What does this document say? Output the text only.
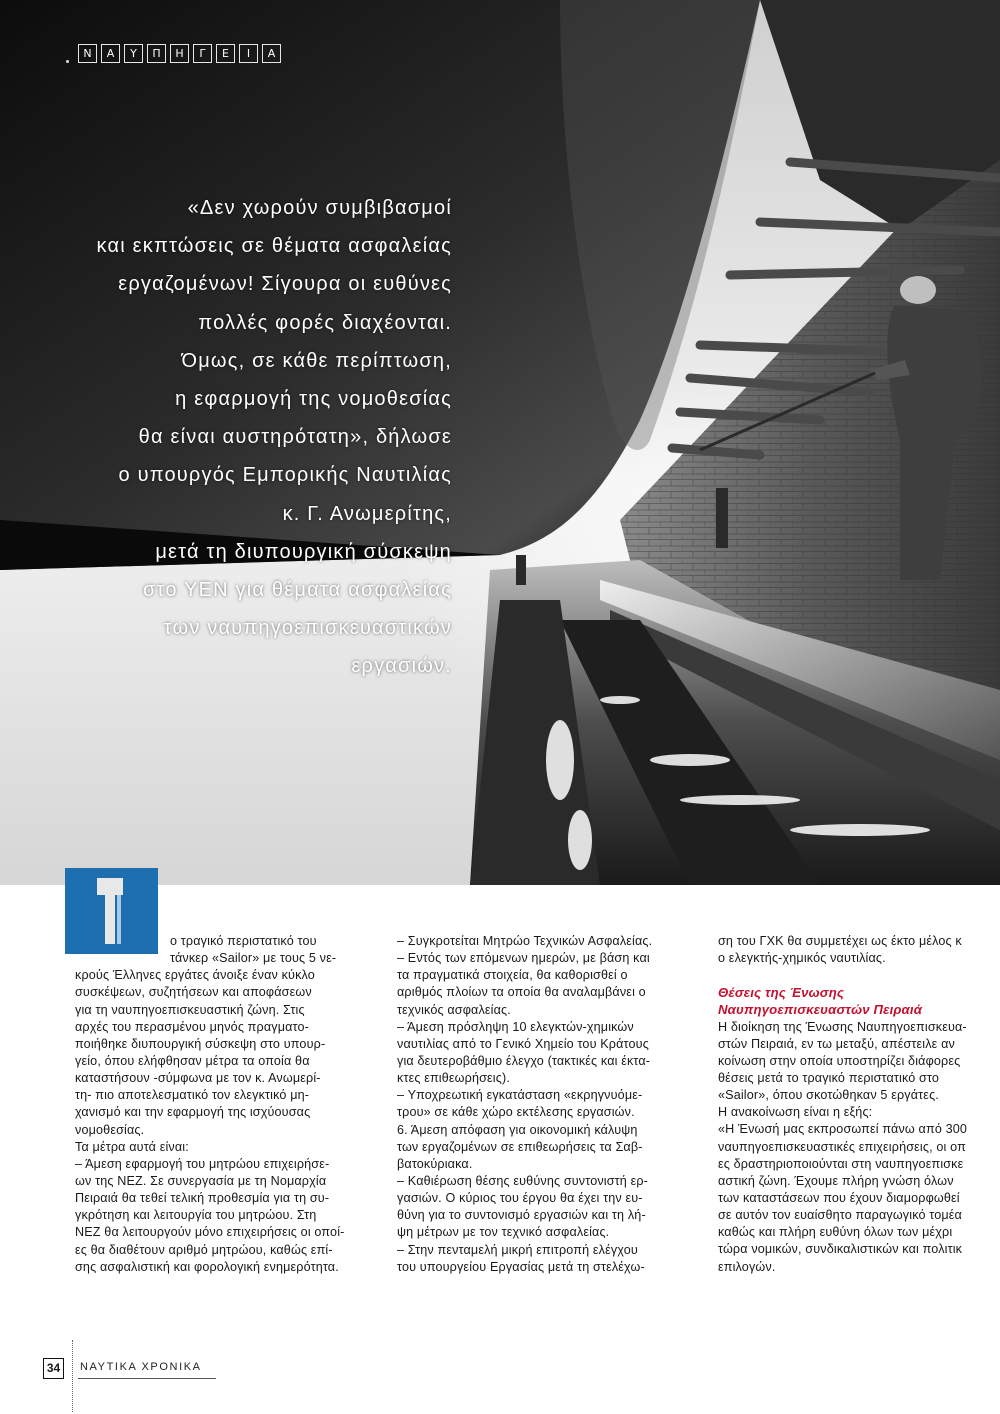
Ν	Α	Υ	Π	Η	Γ	Ε	Ι	Α
«Δεν χωρούν συμβιβασμοί
και εκπτώσεις σε θέματα ασφαλείας
εργαζομένων! Σίγουρα οι ευθύνες
πολλές φορές διαχέονται.
Όμως, σε κάθε περίπτωση,
η εφαρμογή της νομοθεσίας
θα είναι αυστηρότατη», δήλωσε
ο υπουργός Εμπορικής Ναυτιλίας
κ. Γ. Ανωμερίτης,
μετά τη διυπουργική σύσκεψη
στο ΥΕΝ για θέματα ασφαλείας
των ναυπηγοεπισκευαστικών
εργασιών.
ο τραγικό περιστατικό του
τάνκερ «Sailor» με τους 5 νε-
κρούς Έλληνες εργάτες άνοιξε έναν κύκλο
συσκέψεων, συζητήσεων και αποφάσεων
για τη ναυπηγοεπισκευαστική ζώνη. Στις
αρχές του περασμένου μηνός πραγματο-
ποιήθηκε διυπουργική σύσκεψη στο υπουρ-
γείο, όπου ελήφθησαν μέτρα τα οποία θα
καταστήσουν -σύμφωνα με τον κ. Ανωμερί-
τη- πιο αποτελεσματικό τον ελεγκτικό μη-
χανισμό και την εφαρμογή της ισχύουσας
νομοθεσίας.
Τα μέτρα αυτά είναι:
– Άμεση εφαρμογή του μητρώου επιχειρήσε-
ων της ΝΕΖ. Σε συνεργασία με τη Νομαρχία
Πειραιά θα τεθεί τελική προθεσμία για τη συ-
γκρότηση και λειτουργία του μητρώου. Στη
ΝΕΖ θα λειτουργούν μόνο επιχειρήσεις οι οποί-
ες θα διαθέτουν αριθμό μητρώου, καθώς επί-
σης ασφαλιστική και φορολογική ενημερότητα.
– Συγκροτείται Μητρώο Τεχνικών Ασφαλείας.
– Εντός των επόμενων ημερών, με βάση και
τα πραγματικά στοιχεία, θα καθορισθεί ο
αριθμός πλοίων τα οποία θα αναλαμβάνει ο
τεχνικός ασφαλείας.
– Άμεση πρόσληψη 10 ελεγκτών-χημικών
ναυτιλίας από το Γενικό Χημείο του Κράτους
για δευτεροβάθμιο έλεγχο (τακτικές και έκτα-
κτες επιθεωρήσεις).
– Υποχρεωτική εγκατάσταση «εκρηγνυόμε-
τρου» σε κάθε χώρο εκτέλεσης εργασιών.
6. Άμεση απόφαση για οικονομική κάλυψη
των εργαζομένων σε επιθεωρήσεις τα Σαβ-
βατοκύριακα.
– Καθιέρωση θέσης ευθύνης συντονιστή ερ-
γασιών. Ο κύριος του έργου θα έχει την ευ-
θύνη για το συντονισμό εργασιών και τη λή-
ψη μέτρων με τον τεχνικό ασφαλείας.
– Στην πενταμελή μικρή επιτροπή ελέγχου
του υπουργείου Εργασίας μετά τη στελέχω-
ση του ΓΧΚ θα συμμετέχει ως έκτο μέλος κ
ο ελεγκτής-χημικός ναυτιλίας.
Θέσεις της Ένωσης
Ναυπηγοεπισκευαστών Πειραιά
Η διοίκηση της Ένωσης Ναυπηγοεπισκευα-
στών Πειραιά, εν τω μεταξύ, απέστειλε αν
κοίνωση στην οποία υποστηρίζει διάφορες
θέσεις μετά το τραγικό περιστατικό στο
«Sailor», όπου σκοτώθηκαν 5 εργάτες.
Η ανακοίνωση είναι η εξής:
«Η Ένωσή μας εκπροσωπεί πάνω από 300
ναυπηγοεπισκευαστικές επιχειρήσεις, οι οπ
ες δραστηριοποιούνται στη ναυπηγοεπισκε
αστική ζώνη. Έχουμε πλήρη γνώση όλων
των καταστάσεων που έχουν διαμορφωθεί
σε αυτόν τον ευαίσθητο παραγωγικό τομέα
καθώς και πλήρη ευθύνη όλων των μέχρι
τώρα νομικών, συνδικαλιστικών και πολιτικ
επιλογών.
34	ΝΑΥΤΙΚΑ ΧΡΟΝΙΚΑ
